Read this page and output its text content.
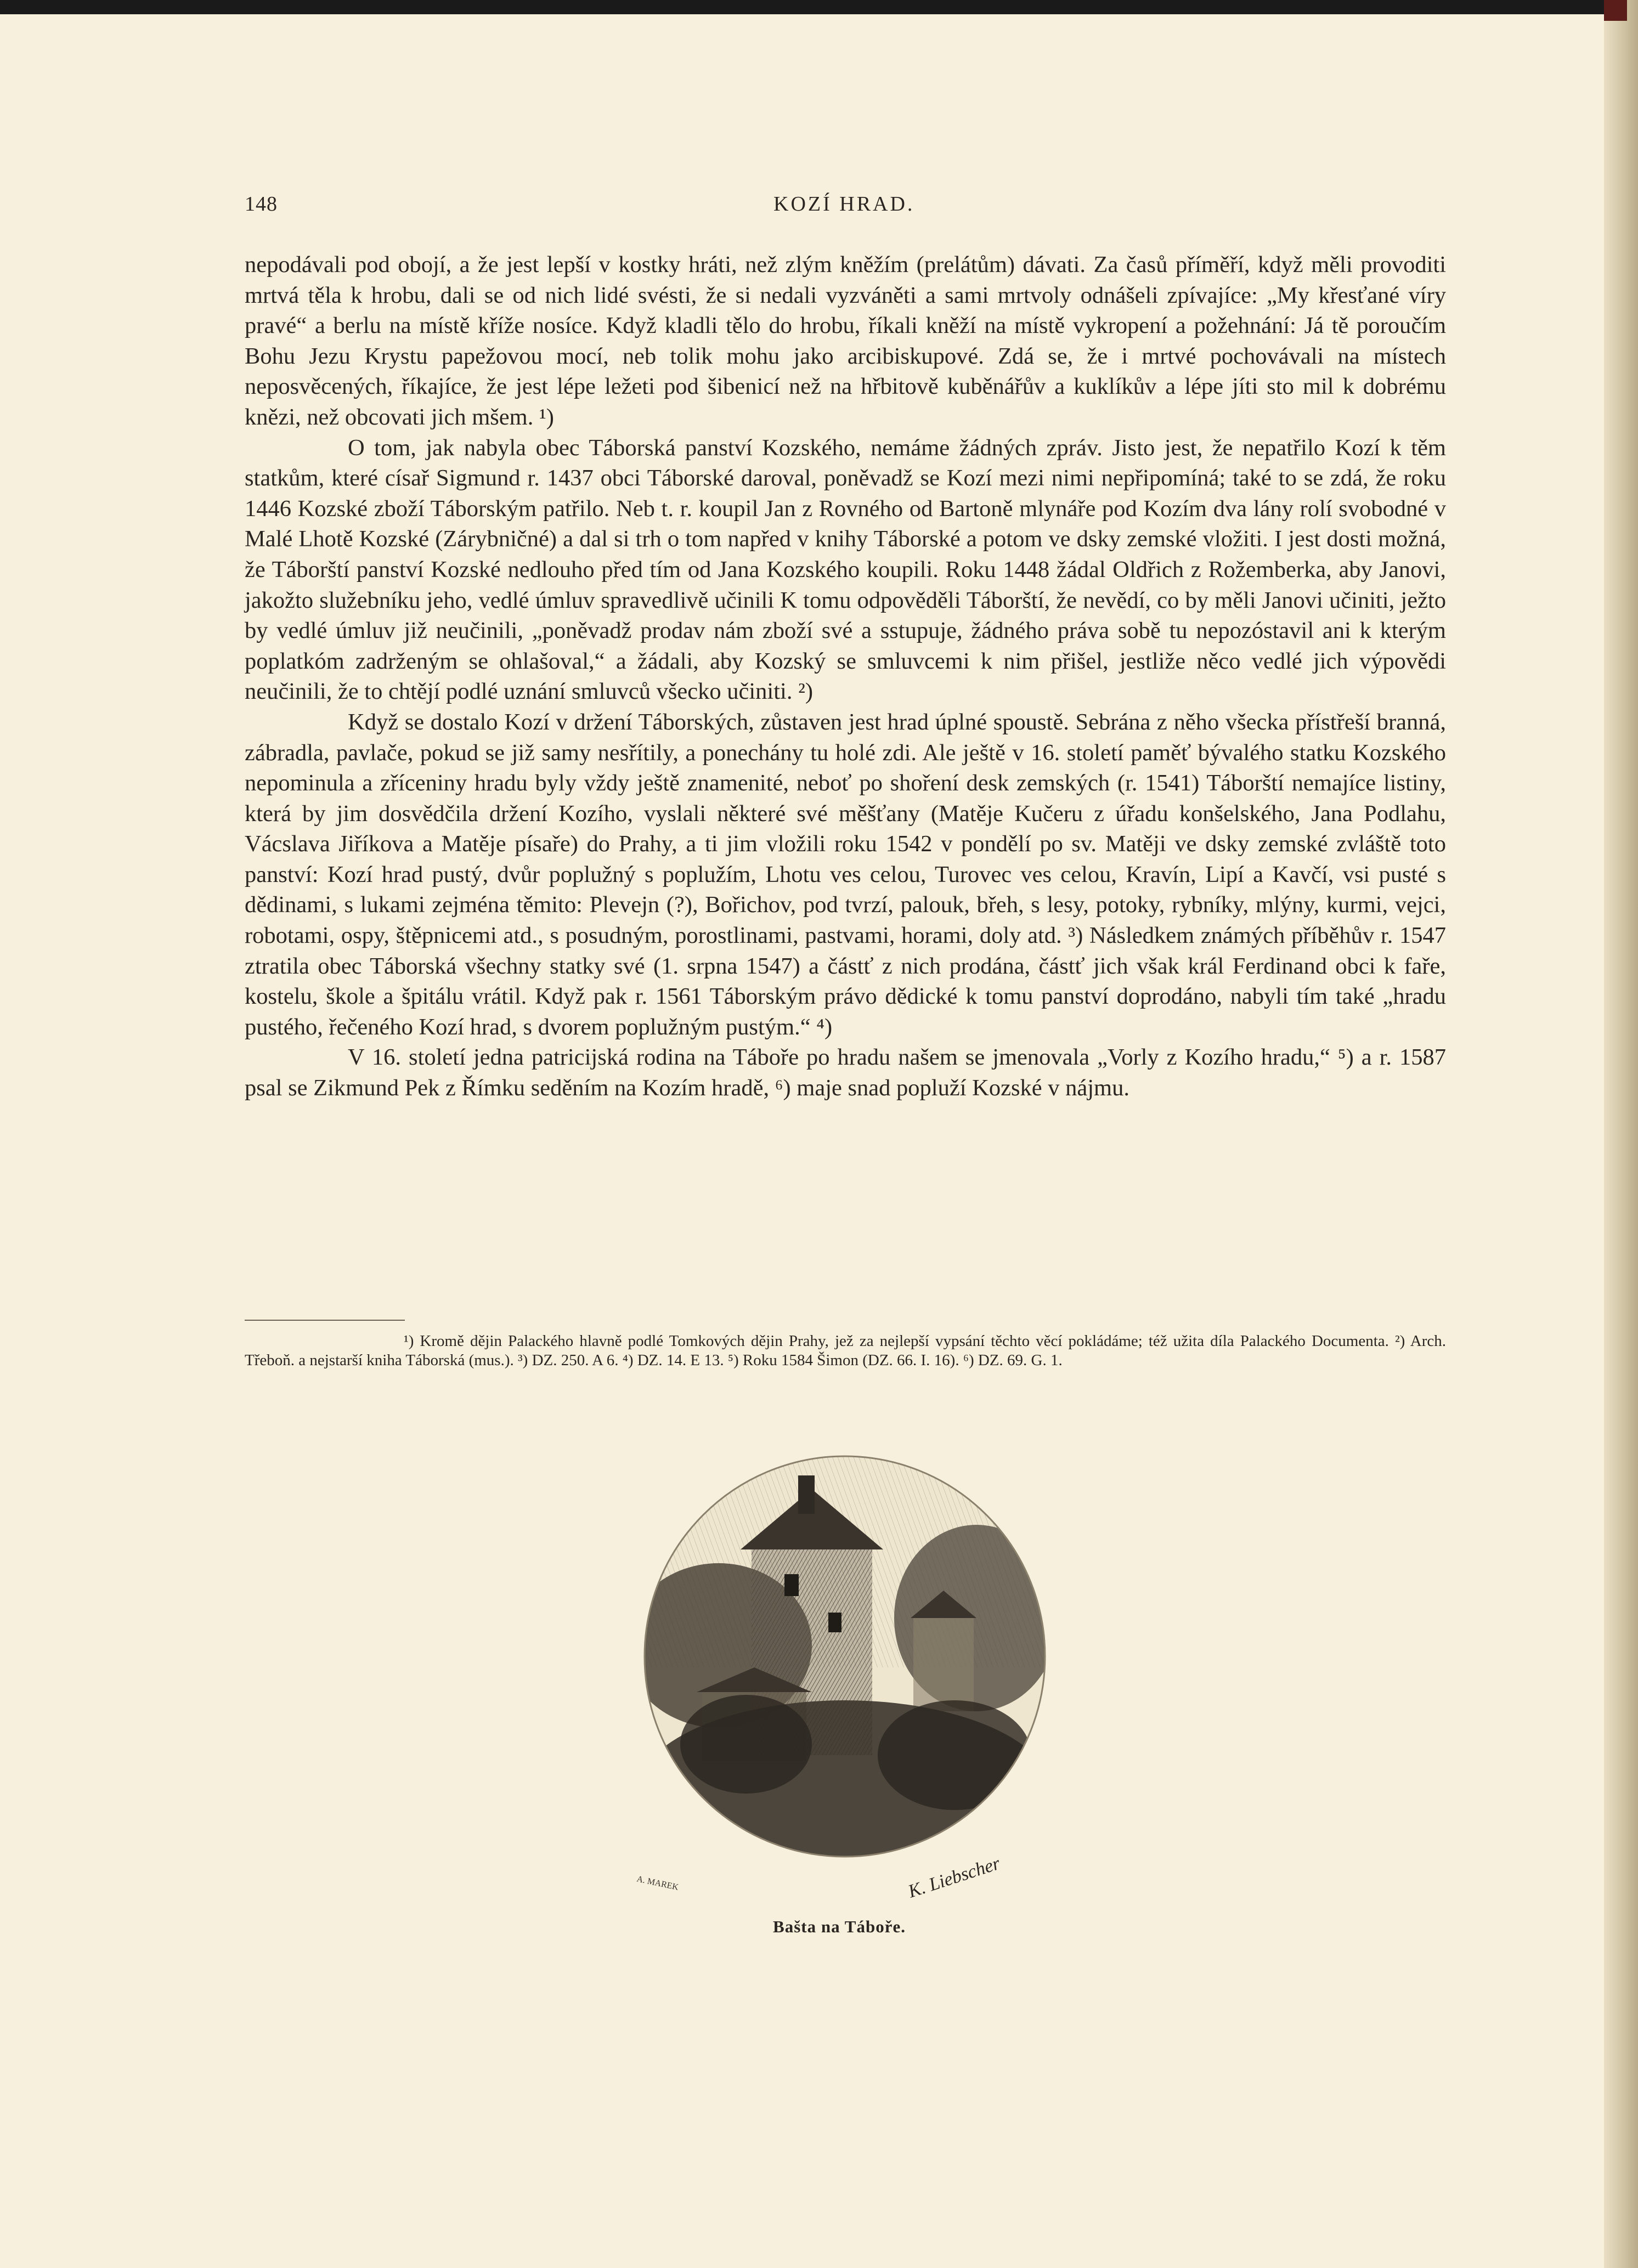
148	KOZÍ HRAD.

nepodávali pod obojí, a že jest lepší v kostky hráti, než zlým kněžím (prelátům) dávati. Za časů příměří, když měli provoditi mrtvá těla k hrobu, dali se od nich lidé svésti, že si nedali vyzváněti a sami mrtvoly odnášeli zpívajíce: „My křesťané víry pravé“ a berlu na místě kříže nosíce. Když kladli tělo do hrobu, říkali kněží na místě vykropení a požehnání: Já tě poroučím Bohu Jezu Krystu papežovou mocí, neb tolik mohu jako arcibiskupové. Zdá se, že i mrtvé pochovávali na místech neposvěcených, říkajíce, že jest lépe ležeti pod šibenicí než na hřbitově kuběnářův a kuklíkův a lépe jíti sto mil k dobrému knězi, než obcovati jich mšem. ¹)

O tom, jak nabyla obec Táborská panství Kozského, nemáme žádných zpráv. Jisto jest, že nepatřilo Kozí k těm statkům, které císař Sigmund r. 1437 obci Táborské daroval, poněvadž se Kozí mezi nimi nepřipomíná; také to se zdá, že roku 1446 Kozské zboží Táborským patřilo. Neb t. r. koupil Jan z Rovného od Bartoně mlynáře pod Kozím dva lány rolí svobodné v Malé Lhotě Kozské (Zárybničné) a dal si trh o tom napřed v knihy Táborské a potom ve dsky zemské vložiti. I jest dosti možná, že Táborští panství Kozské nedlouho před tím od Jana Kozského koupili. Roku 1448 žádal Oldřich z Rožemberka, aby Janovi, jakožto služebníku jeho, vedlé úmluv spravedlivě učinili K tomu odpověděli Táborští, že nevědí, co by měli Janovi učiniti, ježto by vedlé úmluv již neučinili, „poněvadž prodav nám zboží své a sstupuje, žádného práva sobě tu nepozóstavil ani k kterým poplatkóm zadrženým se ohlašoval,“ a žádali, aby Kozský se smluvcemi k nim přišel, jestliže něco vedlé jich výpovědi neučinili, že to chtějí podlé uznání smluvců všecko učiniti. ²)

Když se dostalo Kozí v držení Táborských, zůstaven jest hrad úplné spoustě. Sebrána z něho všecka přístřeší branná, zábradla, pavlače, pokud se již samy nesřítily, a ponechány tu holé zdi. Ale ještě v 16. století paměť bývalého statku Kozského nepominula a zříceniny hradu byly vždy ještě znamenité, neboť po shoření desk zemských (r. 1541) Táborští nemajíce listiny, která by jim dosvědčila držení Kozího, vyslali některé své měšťany (Matěje Kučeru z úřadu konšelského, Jana Podlahu, Vácslava Jiříkova a Matěje písaře) do Prahy, a ti jim vložili roku 1542 v pondělí po sv. Matěji ve dsky zemské zvláště toto panství: Kozí hrad pustý, dvůr poplužný s poplužím, Lhotu ves celou, Turovec ves celou, Kravín, Lipí a Kavčí, vsi pusté s dědinami, s lukami zejména těmito: Plevejn (?), Bořichov, pod tvrzí, palouk, břeh, s lesy, potoky, rybníky, mlýny, kurmi, vejci, robotami, ospy, štěpnicemi atd., s posudným, porostlinami, pastvami, horami, doly atd. ³) Následkem známých příběhův r. 1547 ztratila obec Táborská všechny statky své (1. srpna 1547) a částť z nich prodána, částť jich však král Ferdinand obci k faře, kostelu, škole a špitálu vrátil. Když pak r. 1561 Táborským právo dědické k tomu panství doprodáno, nabyli tím také „hradu pustého, řečeného Kozí hrad, s dvorem poplužným pustým.“ ⁴)

V 16. století jedna patricijská rodina na Táboře po hradu našem se jmenovala „Vorly z Kozího hradu,“ ⁵) a r. 1587 psal se Zikmund Pek z Římku seděním na Kozím hradě, ⁶) maje snad popluží Kozské v nájmu.

¹) Kromě dějin Palackého hlavně podlé Tomkových dějin Prahy, jež za nejlepší vypsání těchto věcí pokládáme; též užita díla Palackého Documenta. ²) Arch. Třeboň. a nejstarší kniha Táborská (mus.). ³) DZ. 250. A 6. ⁴) DZ. 14. E 13. ⁵) Roku 1584 Šimon (DZ. 66. I. 16). ⁶) DZ. 69. G. 1.

A. MAREK	K. Liebscher
Bašta na Táboře.
